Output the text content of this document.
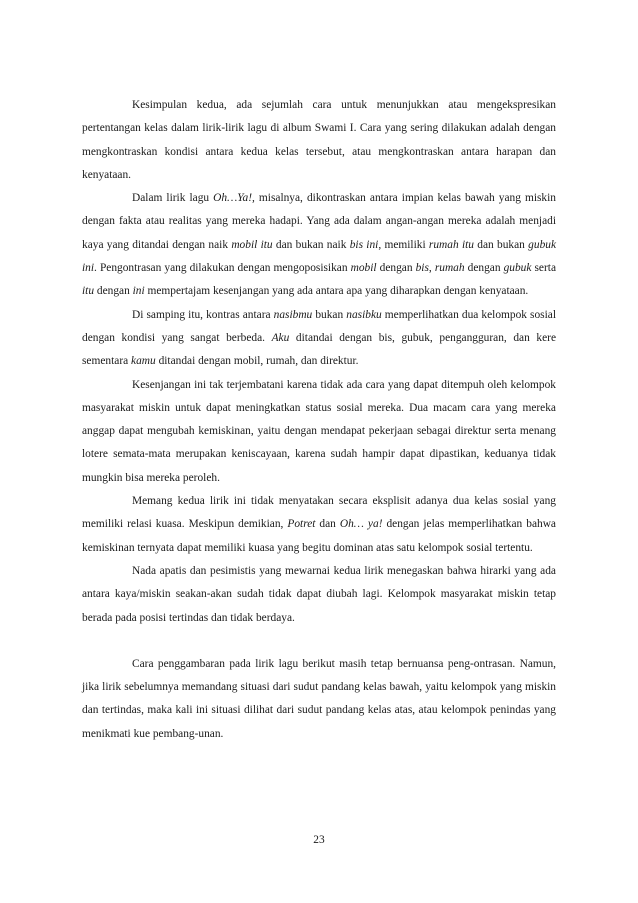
Kesimpulan kedua, ada sejumlah cara untuk menunjukkan atau mengekspresikan pertentangan kelas dalam lirik-lirik lagu di album Swami I. Cara yang sering dilakukan adalah dengan mengkontraskan kondisi antara kedua kelas tersebut, atau mengkontraskan antara harapan dan kenyataan.

Dalam lirik lagu Oh…Ya!, misalnya, dikontraskan antara impian kelas bawah yang miskin dengan fakta atau realitas yang mereka hadapi. Yang ada dalam angan-angan mereka adalah menjadi kaya yang ditandai dengan naik mobil itu dan bukan naik bis ini, memiliki rumah itu dan bukan gubuk ini. Pengontrasan yang dilakukan dengan mengoposisikan mobil dengan bis, rumah dengan gubuk serta itu dengan ini mempertajam kesenjangan yang ada antara apa yang diharapkan dengan kenyataan.

Di samping itu, kontras antara nasibmu bukan nasibku memperlihatkan dua kelompok sosial dengan kondisi yang sangat berbeda. Aku ditandai dengan bis, gubuk, pengangguran, dan kere sementara kamu ditandai dengan mobil, rumah, dan direktur.

Kesenjangan ini tak terjembatani karena tidak ada cara yang dapat ditempuh oleh kelompok masyarakat miskin untuk dapat meningkatkan status sosial mereka. Dua macam cara yang mereka anggap dapat mengubah kemiskinan, yaitu dengan mendapat pekerjaan sebagai direktur serta menang lotere semata-mata merupakan keniscayaan, karena sudah hampir dapat dipastikan, keduanya tidak mungkin bisa mereka peroleh.

Memang kedua lirik ini tidak menyatakan secara eksplisit adanya dua kelas sosial yang memiliki relasi kuasa. Meskipun demikian, Potret dan Oh… ya! dengan jelas memperlihatkan bahwa kemiskinan ternyata dapat memiliki kuasa yang begitu dominan atas satu kelompok sosial tertentu.

Nada apatis dan pesimistis yang mewarnai kedua lirik menegaskan bahwa hirarki yang ada antara kaya/miskin seakan-akan sudah tidak dapat diubah lagi. Kelompok masyarakat miskin tetap berada pada posisi tertindas dan tidak berdaya.

Cara penggambaran pada lirik lagu berikut masih tetap bernuansa peng-ontrasan. Namun, jika lirik sebelumnya memandang situasi dari sudut pandang kelas bawah, yaitu kelompok yang miskin dan tertindas, maka kali ini situasi dilihat dari sudut pandang kelas atas, atau kelompok penindas yang menikmati kue pembang-unan.

23
